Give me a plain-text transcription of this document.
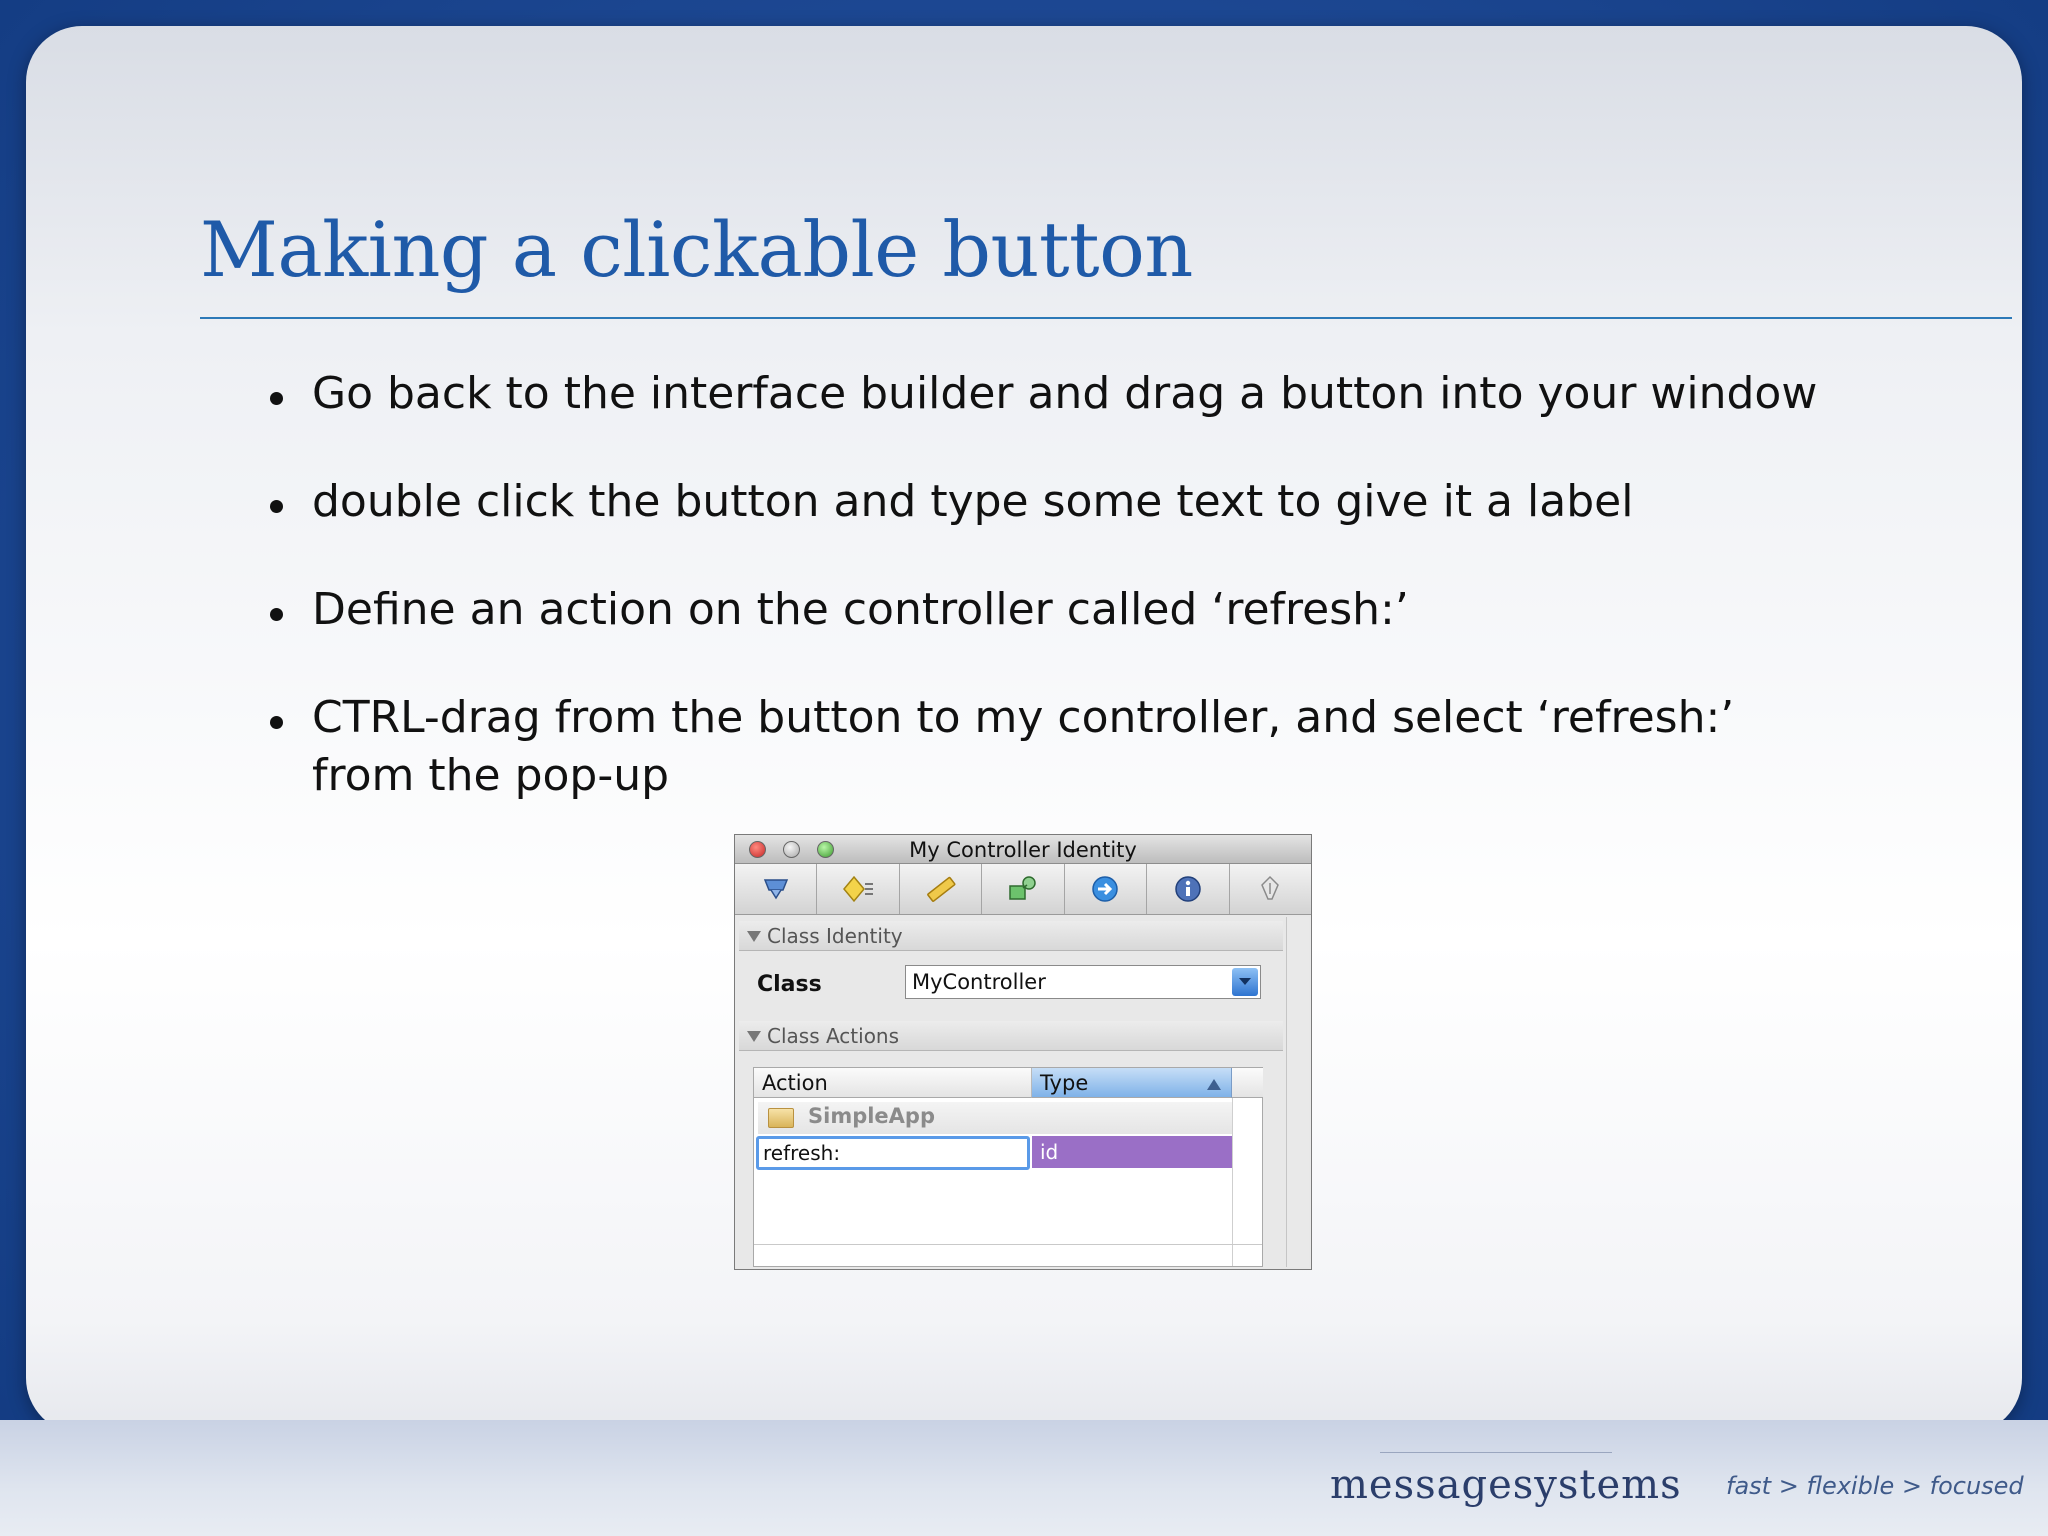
Making a clickable button
Go back to the interface builder and drag a button into your window
double click the button and type some text to give it a label
Define an action on the controller called ‘refresh:’
CTRL-drag from the button to my controller, and select ‘refresh:’ from the pop-up
My Controller Identity
Class Identity
Class	MyController
Class Actions
Action	Type
SimpleApp
refresh:	id
messagesystems fast > flexible > focused
